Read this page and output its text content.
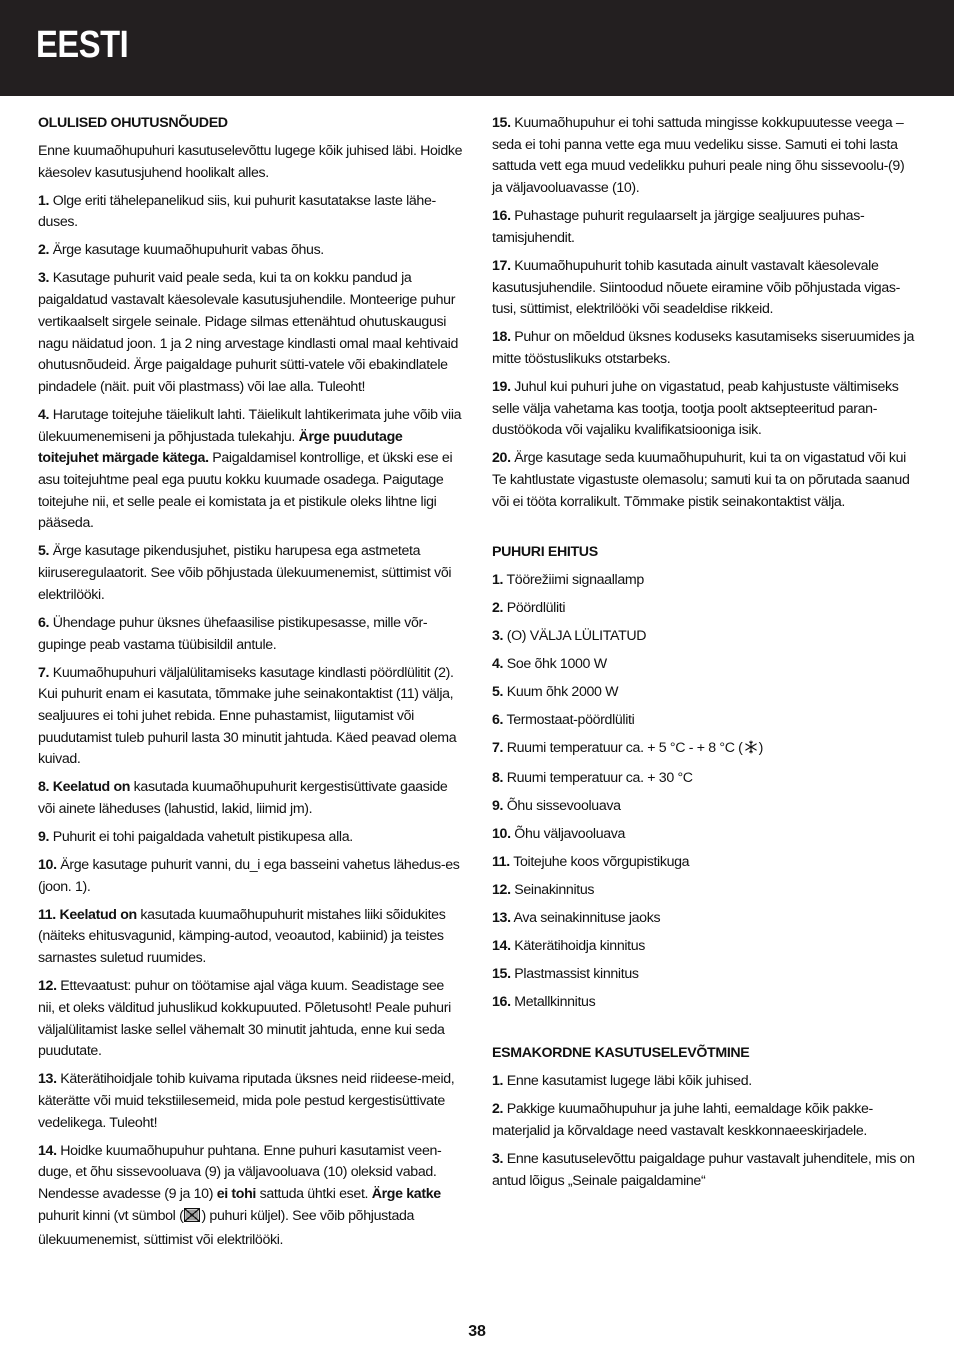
EESTI
OLULISED OHUTUSNÕUDED

Enne kuumaõhupuhuri kasutuselevõttu lugege kõik juhised läbi. Hoidke käesolev kasutusjuhend hoolikalt alles.

1. Olge eriti tähelepanelikud siis, kui puhurit kasutatakse laste lähe-duses.

2. Ärge kasutage kuumaõhupuhurit vabas õhus.

3. Kasutage puhurit vaid peale seda, kui ta on kokku pandud ja paigaldatud vastavalt käesolevale kasutusjuhendile. Monteerige puhur vertikaalselt sirgele seinale. Pidage silmas ettenähtud ohutuskaugusi nagu näidatud joon. 1 ja 2 ning arvestage kindlasti omal maal kehtivaid ohutusnõudeid. Ärge paigaldage puhurit sütti-vatele või ebakindlatele pindadele (näit. puit või plastmass) või lae alla. Tuleoht!

4. Harutage toitejuhe täielikult lahti. Täielikult lahtikerimata juhe võib viia ülekuumenemiseni ja põhjustada tulekahju. Ärge puudutage toitejuhet märgade kätega. Paigaldamisel kontrollige, et ükski ese ei asu toitejuhtme peal ega puutu kokku kuumade osadega. Paigutage toitejuhe nii, et selle peale ei komistata ja et pistikule oleks lihtne ligi pääseda.

5. Ärge kasutage pikendusjuhet, pistiku harupesa ega astmeteta kiiruseregulaatorit. See võib põhjustada ülekuumenemist, süttimist või elektrilööki.

6. Ühendage puhur üksnes ühefaasilise pistikupesasse, mille võr-gupinge peab vastama tüübisildil antule.

7. Kuumaõhupuhuri väljalülitamiseks kasutage kindlasti pöördlülitit (2). Kui puhurit enam ei kasutata, tõmmake juhe seinakontaktist (11) välja, sealjuures ei tohi juhet rebida. Enne puhastamist, liigutamist või puudutamist tuleb puhuril lasta 30 minutit jahtuda. Käed peavad olema kuivad.

8. Keelatud on kasutada kuumaõhupuhurit kergestisüttivate gaaside või ainete läheduses (lahustid, lakid, liimid jm).

9. Puhurit ei tohi paigaldada vahetult pistikupesa alla.

10. Ärge kasutage puhurit vanni, du_i ega basseini vahetus lähedus-es (joon. 1).

11. Keelatud on kasutada kuumaõhupuhurit mistahes liiki sõidukites (näiteks ehitusvagunid, kämping-autod, veoautod, kabiinid) ja teistes sarnastes suletud ruumides.

12. Ettevaatust: puhur on töötamise ajal väga kuum. Seadistage see nii, et oleks välditud juhuslikud kokkupuuted. Põletusoht! Peale puhuri väljalülitamist laske sellel vähemalt 30 minutit jahtuda, enne kui seda puudutate.

13. Käterätihoidjale tohib kuivama riputada üksnes neid riideese-meid, käterätte või muid tekstiilesemeid, mida pole pestud kergestisüttivate vedelikega. Tuleoht!

14. Hoidke kuumaõhupuhur puhtana. Enne puhuri kasutamist veen-duge, et õhu sissevooluava (9) ja väljavooluava (10) oleksid vabad. Nendesse avadesse (9 ja 10) ei tohi sattuda ühtki eset. Ärge katke puhurit kinni (vt sümbol ( ) puhuri küljel). See võib põhjustada ülekuumenemist, süttimist või elektrilööki.

15. Kuumaõhupuhur ei tohi sattuda mingisse kokkupuutesse veega – seda ei tohi panna vette ega muu vedeliku sisse. Samuti ei tohi lasta sattuda vett ega muud vedelikku puhuri peale ning õhu sissevoolu-(9) ja väljavooluavasse (10).

16. Puhastage puhurit regulaarselt ja järgige sealjuures puhas-tamisjuhendit.

17. Kuumaõhupuhurit tohib kasutada ainult vastavalt käesolevale kasutusjuhendile. Siintoodud nõuete eiramine võib põhjustada vigas-tusi, süttimist, elektrilööki või seadeldise rikkeid.

18. Puhur on mõeldud üksnes koduseks kasutamiseks siseruumides ja mitte tööstuslikuks otstarbeks.

19. Juhul kui puhuri juhe on vigastatud, peab kahjustuste vältimiseks selle välja vahetama kas tootja, tootja poolt aktsepteeritud paran-dustöökoda või vajaliku kvalifikatsiooniga isik.

20. Ärge kasutage seda kuumaõhupuhurit, kui ta on vigastatud või kui Te kahtlustate vigastuste olemasolu; samuti kui ta on põrutada saanud või ei tööta korralikult. Tõmmake pistik seinakontaktist välja.

PUHURI EHITUS
1. Töörežiimi signaallamp
2. Pöördlüliti
3. (O) VÄLJA LÜLITATUD
4. Soe õhk 1000 W
5. Kuum õhk 2000 W
6. Termostaat-pöördlüliti
7. Ruumi temperatuur ca. + 5 °C - + 8 °C ( )
8. Ruumi temperatuur ca. + 30 °C
9. Õhu sissevooluava
10. Õhu väljavooluava
11. Toitejuhe koos võrgupistikuga
12. Seinakinnitus
13. Ava seinakinnituse jaoks
14. Käterätihoidja kinnitus
15. Plastmassist kinnitus
16. Metallkinnitus
ESMAKORDNE KASUTUSELEVÕTMINE

1. Enne kasutamist lugege läbi kõik juhised.

2. Pakkige kuumaõhupuhur ja juhe lahti, eemaldage kõik pakke-materjalid ja kõrvaldage need vastavalt keskkonnaeeskirjadele.

3. Enne kasutuselevõttu paigaldage puhur vastavalt juhenditele, mis on antud lõigus „Seinale paigaldamine“

38
